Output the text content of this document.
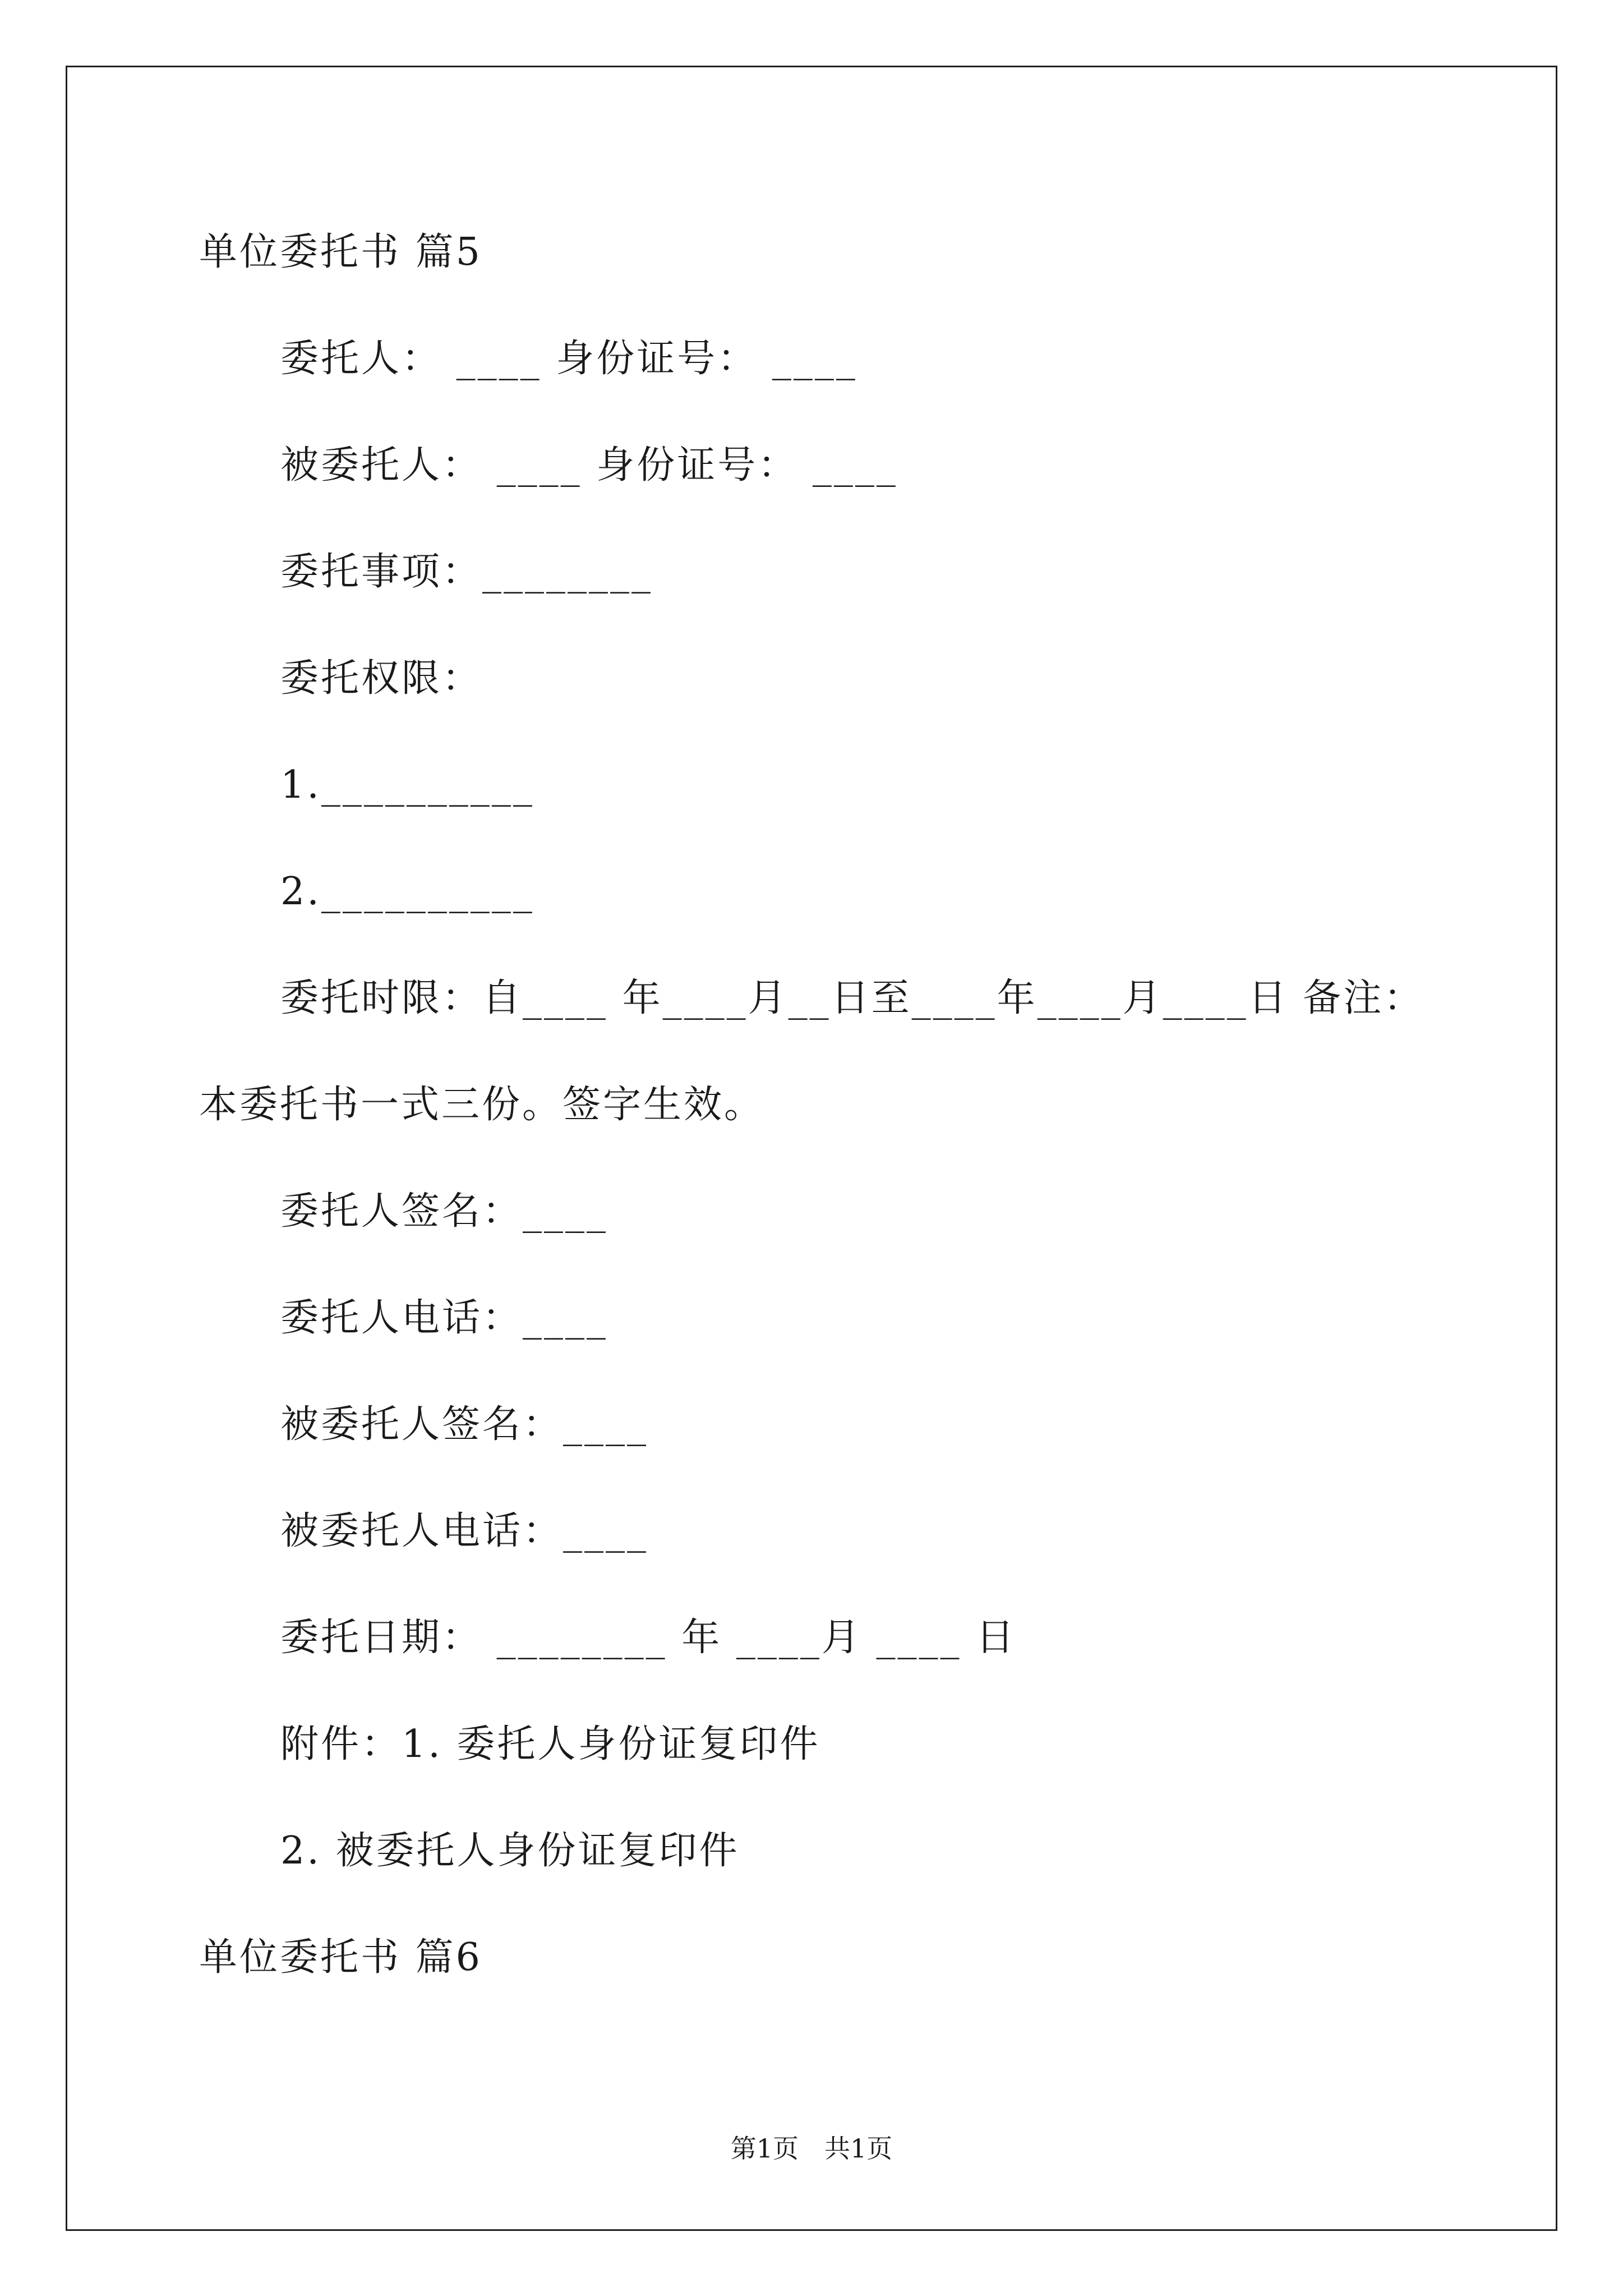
单位委托书 篇5
委托人： ____ 身份证号： ____
被委托人： ____ 身份证号： ____
委托事项：________
委托权限：
1.__________
2.__________
委托时限：自____ 年____月__日至____年____月____日 备注：
本委托书一式三份。签字生效。
委托人签名：____
委托人电话：____
被委托人签名：____
被委托人电话：____
委托日期： ________ 年 ____月 ____ 日
附件：1. 委托人身份证复印件
2. 被委托人身份证复印件
单位委托书 篇6
第1页　共1页
